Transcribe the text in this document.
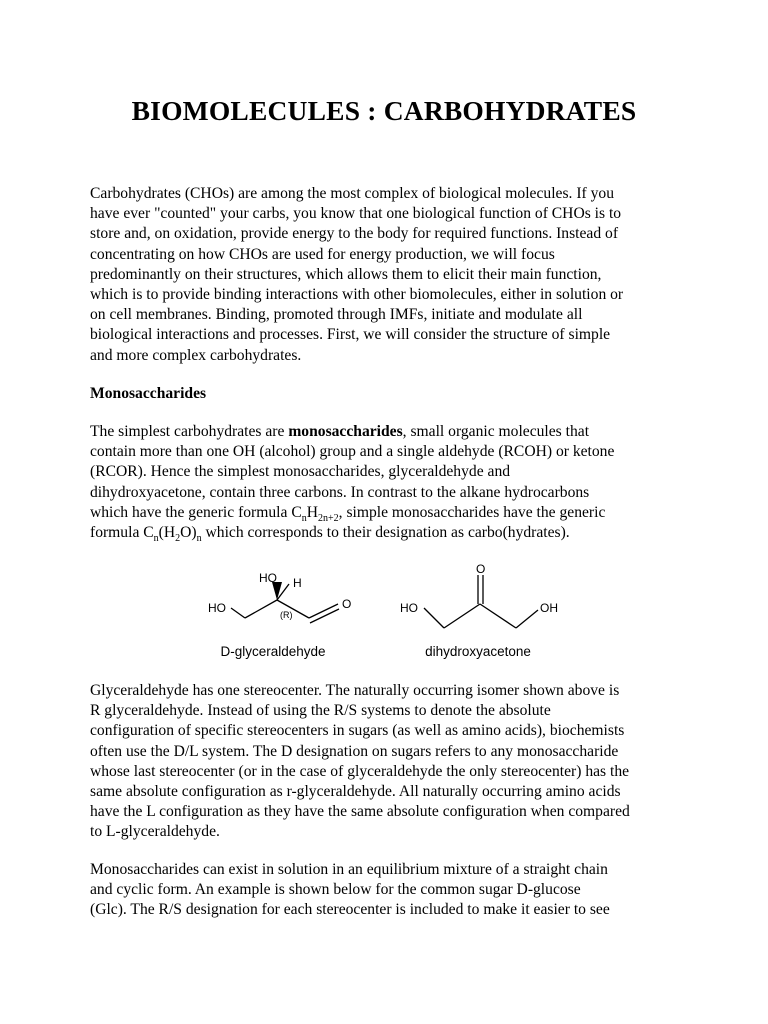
BIOMOLECULES : CARBOHYDRATES
Carbohydrates (CHOs) are among the most complex of biological molecules. If you
have ever "counted" your carbs, you know that one biological function of CHOs is to
store and, on oxidation, provide energy to the body for required functions. Instead of
concentrating on how CHOs are used for energy production, we will focus
predominantly on their structures, which allows them to elicit their main function,
which is to provide binding interactions with other biomolecules, either in solution or
on cell membranes. Binding, promoted through IMFs, initiate and modulate all
biological interactions and processes. First, we will consider the structure of simple
and more complex carbohydrates.
Monosaccharides
The simplest carbohydrates are monosaccharides, small organic molecules that
contain more than one OH (alcohol) group and a single aldehyde (RCOH) or ketone
(RCOR). Hence the simplest monosaccharides, glyceraldehyde and
dihydroxyacetone, contain three carbons. In contrast to the alkane hydrocarbons
which have the generic formula $C_nH_{2n+2}$, simple monosaccharides have the generic
formula $C_n(H_2O)_n$ which corresponds to their designation as carbo(hydrates).
HO
HO H
(R)
O
D-glyceraldehyde
HO	OH
O
dihydroxyacetone
Glyceraldehyde has one stereocenter. The naturally occurring isomer shown above is
R glyceraldehyde. Instead of using the R/S systems to denote the absolute
configuration of specific stereocenters in sugars (as well as amino acids), biochemists
often use the D/L system. The D designation on sugars refers to any monosaccharide
whose last stereocenter (or in the case of glyceraldehyde the only stereocenter) has the
same absolute configuration as r-glyceraldehyde. All naturally occurring amino acids
have the L configuration as they have the same absolute configuration when compared
to L-glyceraldehyde.
Monosaccharides can exist in solution in an equilibrium mixture of a straight chain
and cyclic form. An example is shown below for the common sugar D-glucose
(Glc). The R/S designation for each stereocenter is included to make it easier to see
